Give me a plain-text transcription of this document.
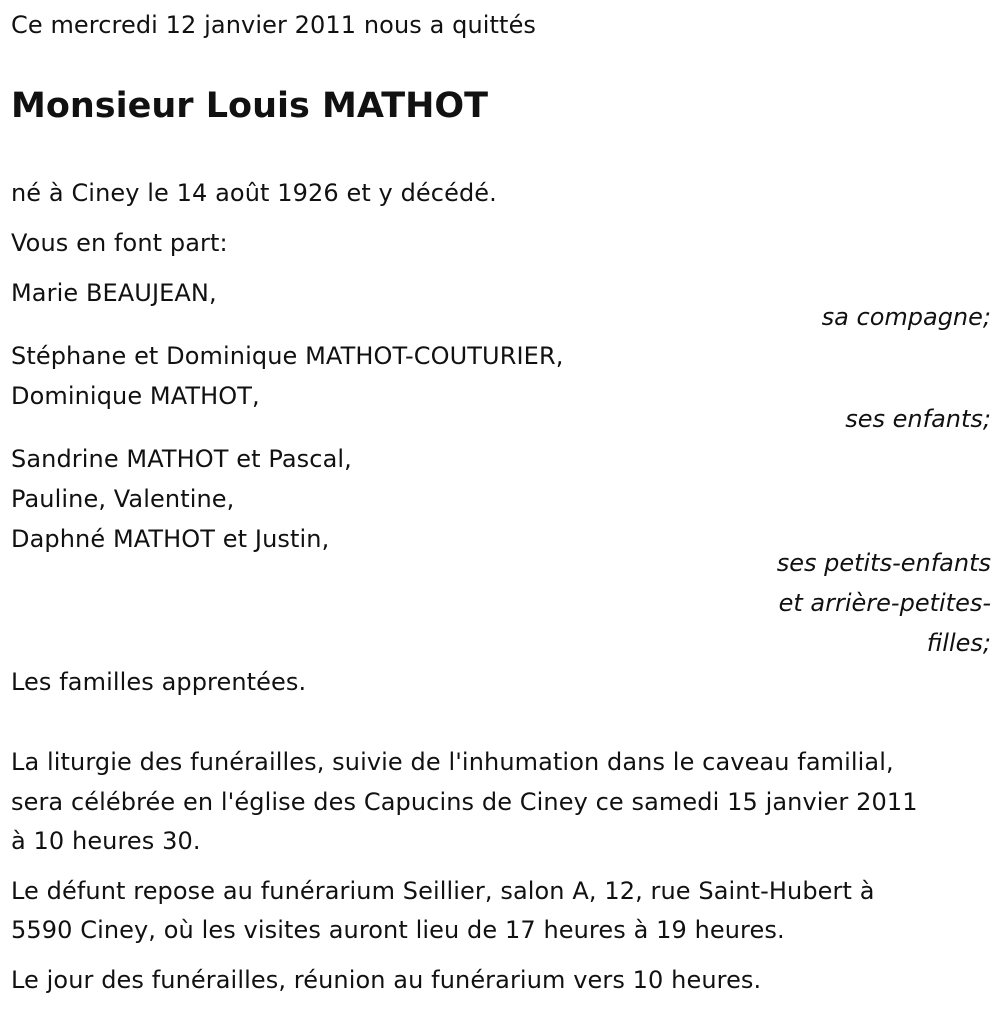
Ce mercredi 12 janvier 2011 nous a quittés
Monsieur Louis MATHOT
né à Ciney le 14 août 1926 et y décédé.
Vous en font part:
Marie BEAUJEAN,
sa compagne;
Stéphane et Dominique MATHOT-COUTURIER,
Dominique MATHOT,
ses enfants;
Sandrine MATHOT et Pascal,
Pauline, Valentine,
Daphné MATHOT et Justin,
ses petits-enfants
et arrière-petites-
filles;
Les familles apprentées.
La liturgie des funérailles, suivie de l'inhumation dans le caveau familial,
sera célébrée en l'église des Capucins de Ciney ce samedi 15 janvier 2011
à 10 heures 30.
Le défunt repose au funérarium Seillier, salon A, 12, rue Saint-Hubert à
5590 Ciney, où les visites auront lieu de 17 heures à 19 heures.
Le jour des funérailles, réunion au funérarium vers 10 heures.
